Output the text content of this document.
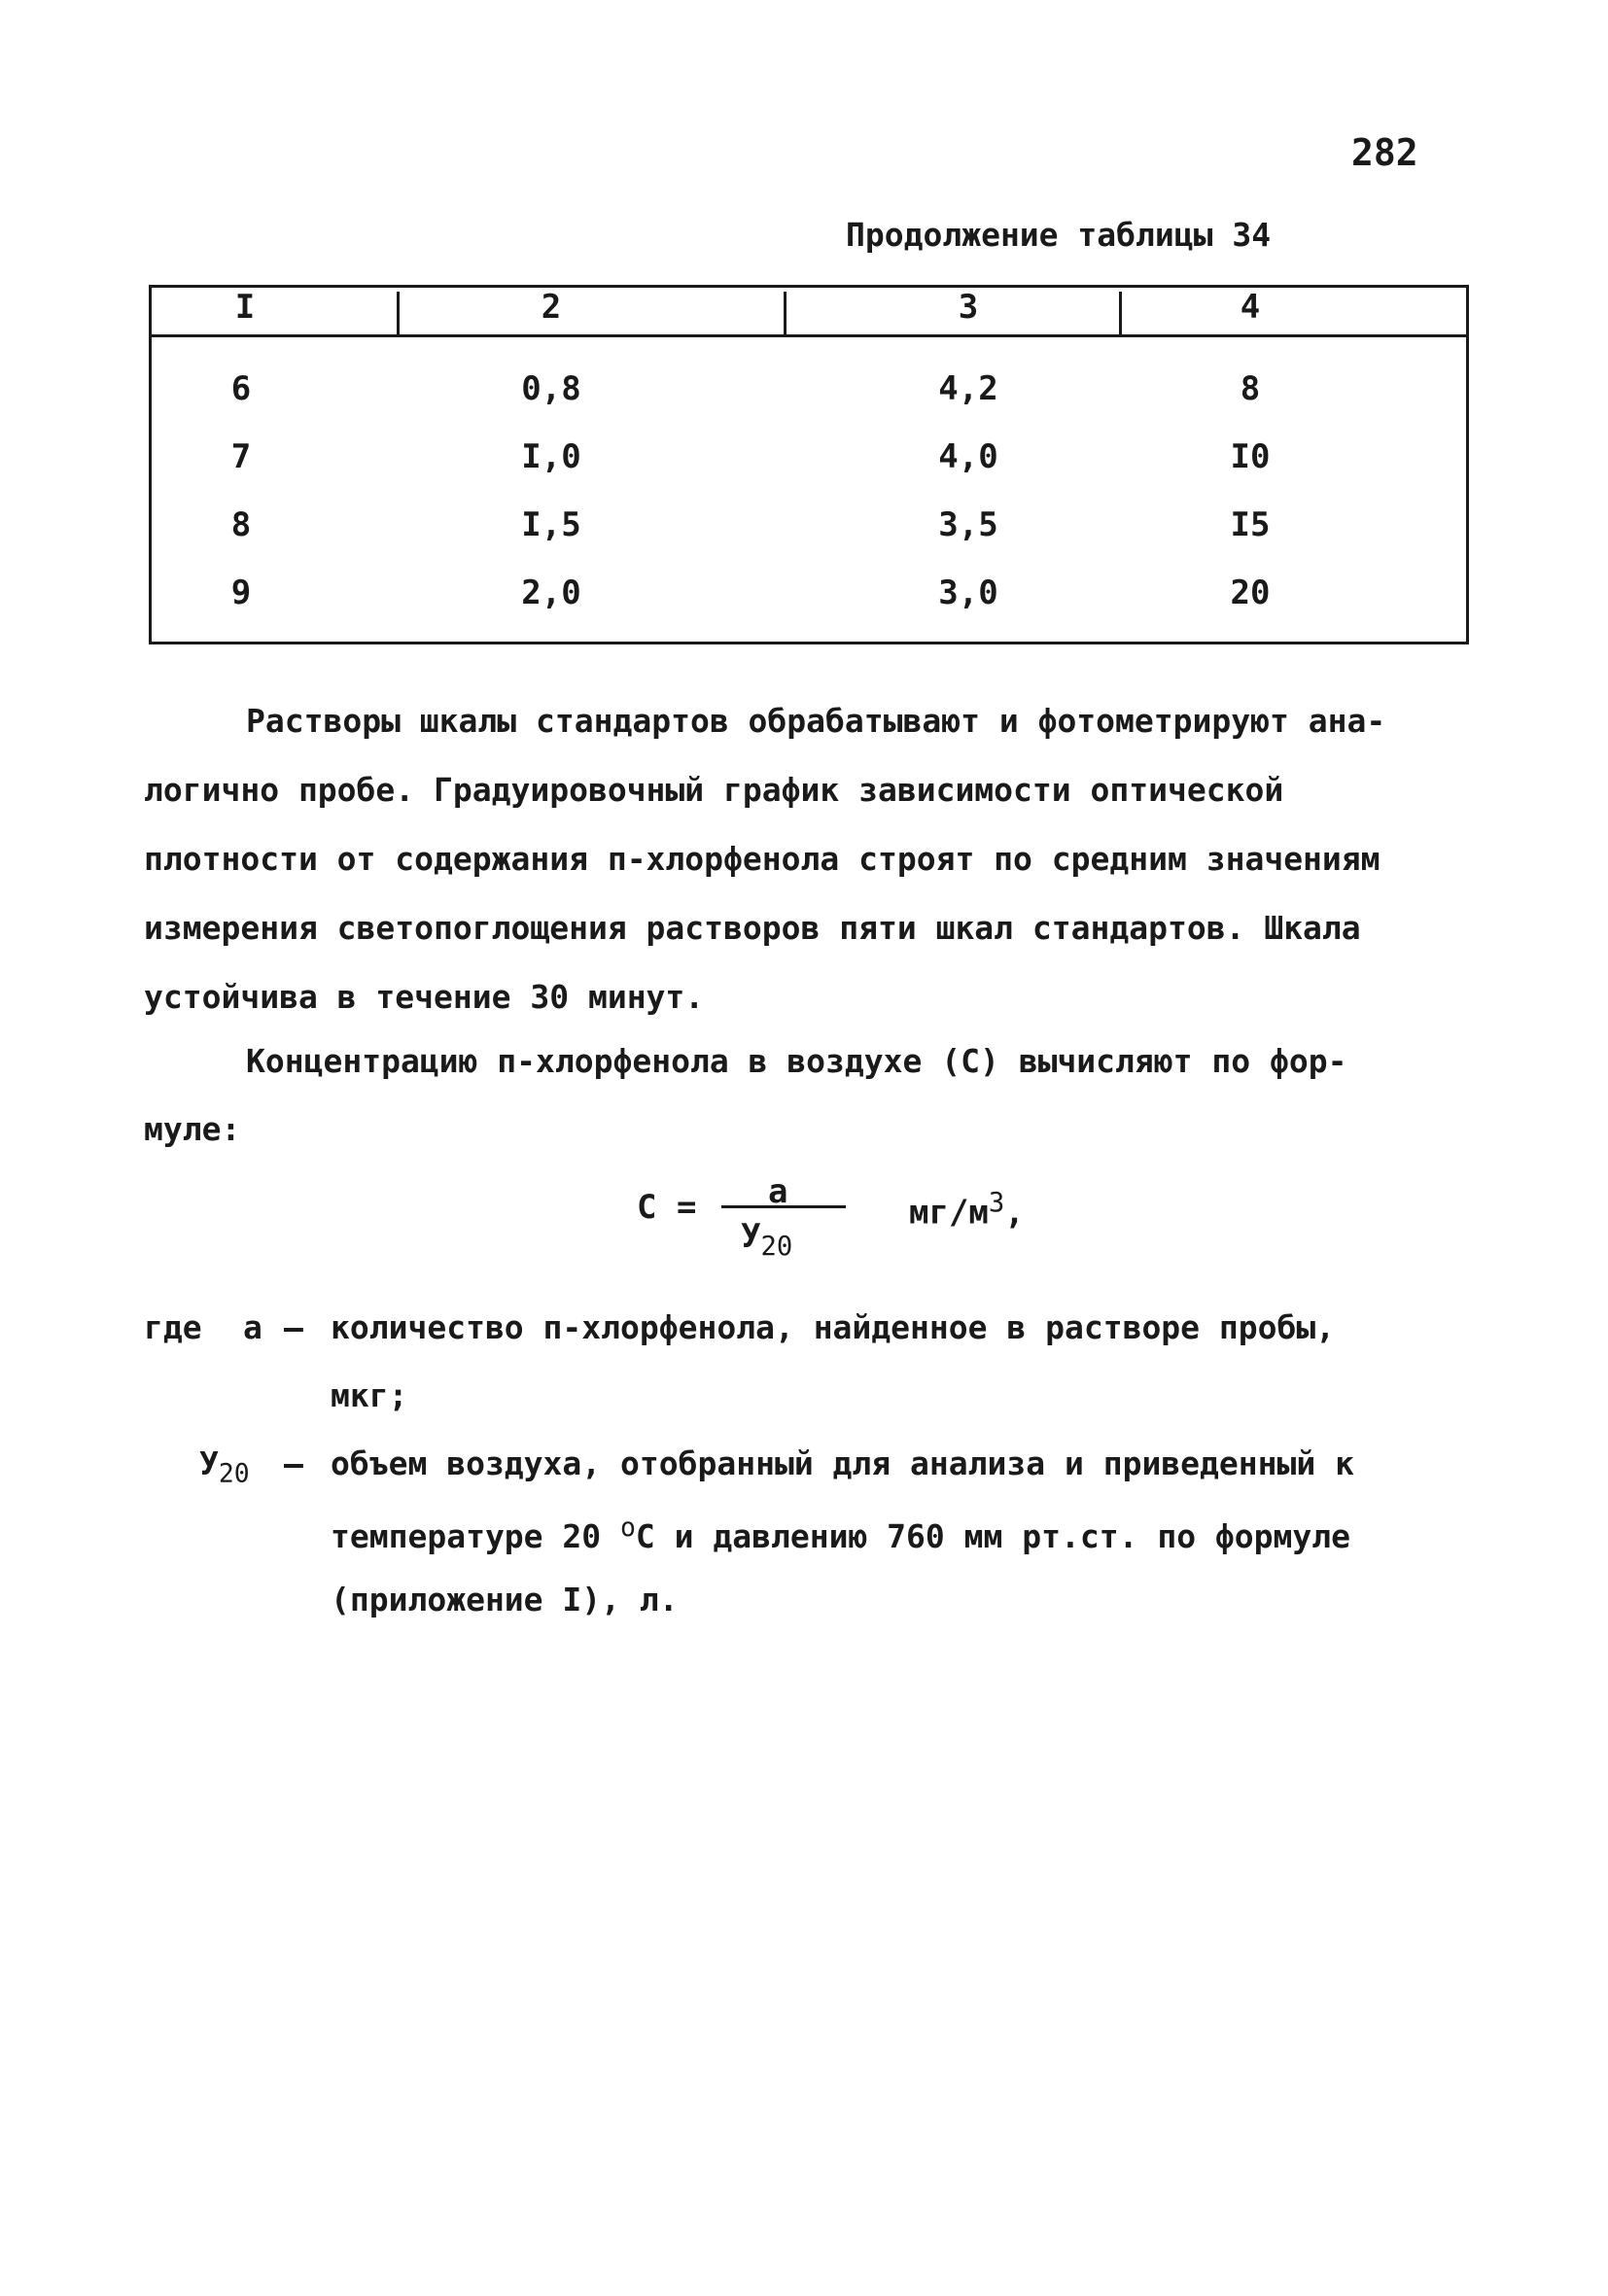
282
Продолжение таблицы 34
I	2	3	4
6	0,8	4,2	8
7	I,0	4,0	I0
8	I,5	3,5	I5
9	2,0	3,0	20
Растворы шкалы стандартов обрабатывают и фотометрируют ана-
логично пробе. Градуировочный график зависимости оптической
плотности от содержания п-хлорфенола строят по средним значениям
измерения светопоглощения растворов пяти шкал стандартов. Шкала
устойчива в течение 30 минут.
Концентрацию п-хлорфенола в воздухе (С) вычисляют по фор-
муле:
С = а
$У_{20}$
$мг/м^3$,
где а – количество п-хлорфенола, найденное в растворе пробы,
мкг;
$У_{20}$ – объем воздуха, отобранный для анализа и приведенный к
температуре 20 $^о$С и давлению 760 мм рт.ст. по формуле
(приложение I), л.
